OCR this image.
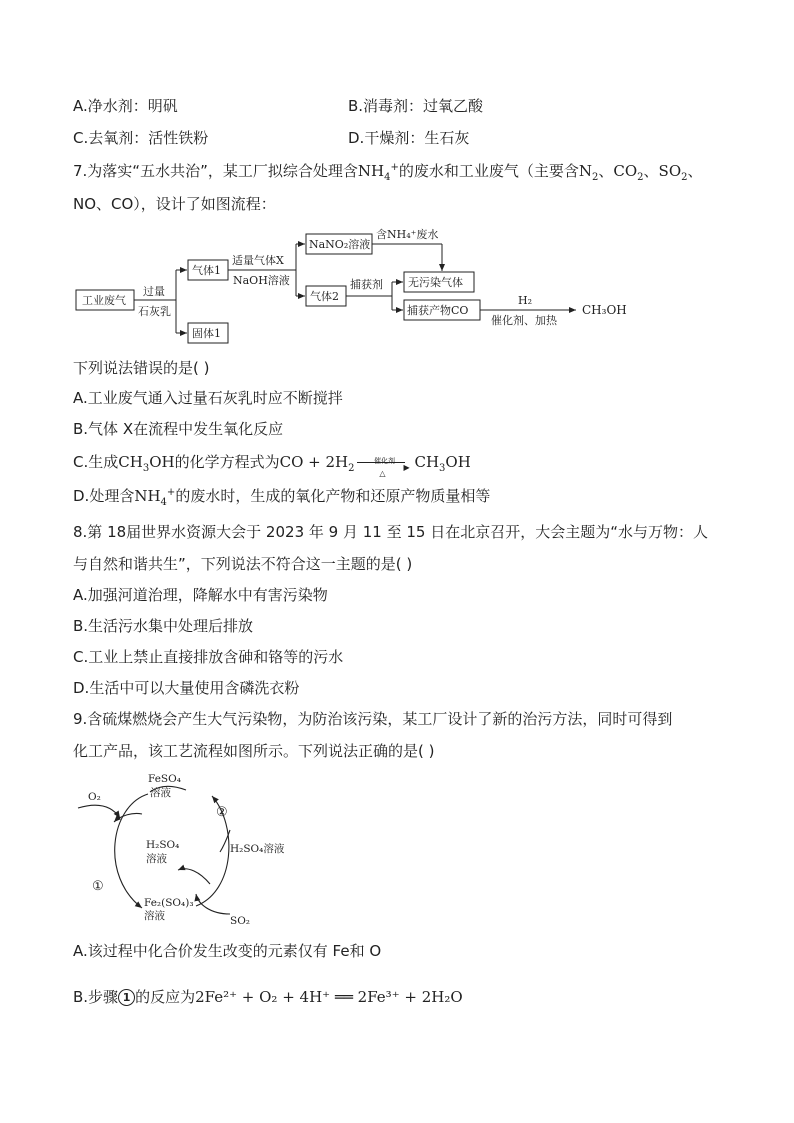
A.净水剂：明矾	B.消毒剂：过氧乙酸
C.去氧剂：活性铁粉	D.干燥剂：生石灰
7.为落实“五水共治”，某工厂拟综合处理含$NH_4^+$的废水和工业废气（主要含$N_2$、$CO_2$、$SO_2$、
NO、CO），设计了如图流程：
工业废气
过量
石灰乳
气体1
固体1
适量气体X
NaOH溶液
NaNO₂溶液
含NH₄⁺废水
无污染气体
气体2
捕获剂
捕获产物CO
H₂
催化剂、加热
CH₃OH
下列说法错误的是( )
A.工业废气通入过量石灰乳时应不断搅拌
B.气体 X在流程中发生氧化反应
C.生成$CH_3OH$的化学方程式为CO + $2H_2$
催化剂
▶
△
$CH_3OH$
D.处理含$NH_4^+$的废水时，生成的氧化产物和还原产物质量相等
8.第 18届世界水资源大会于 2023 年 9 月 11 至 15 日在北京召开，大会主题为“水与万物：人
与自然和谐共生”，下列说法不符合这一主题的是( )
A.加强河道治理，降解水中有害污染物
B.生活污水集中处理后排放
C.工业上禁止直接排放含砷和铬等的污水
D.生活中可以大量使用含磷洗衣粉
9.含硫煤燃烧会产生大气污染物，为防治该污染，某工厂设计了新的治污方法，同时可得到
化工产品，该工艺流程如图所示。下列说法正确的是( )
FeSO₄
溶液
O₂
②
H₂SO₄
溶液
H₂SO₄溶液
①
Fe₂(SO₄)₃
溶液	SO₂
A.该过程中化合价发生改变的元素仅有 Fe和 O
B.步骤 1 的反应为2Fe²⁺ + O₂ + 4H⁺ ══ 2Fe³⁺ + 2H₂O
